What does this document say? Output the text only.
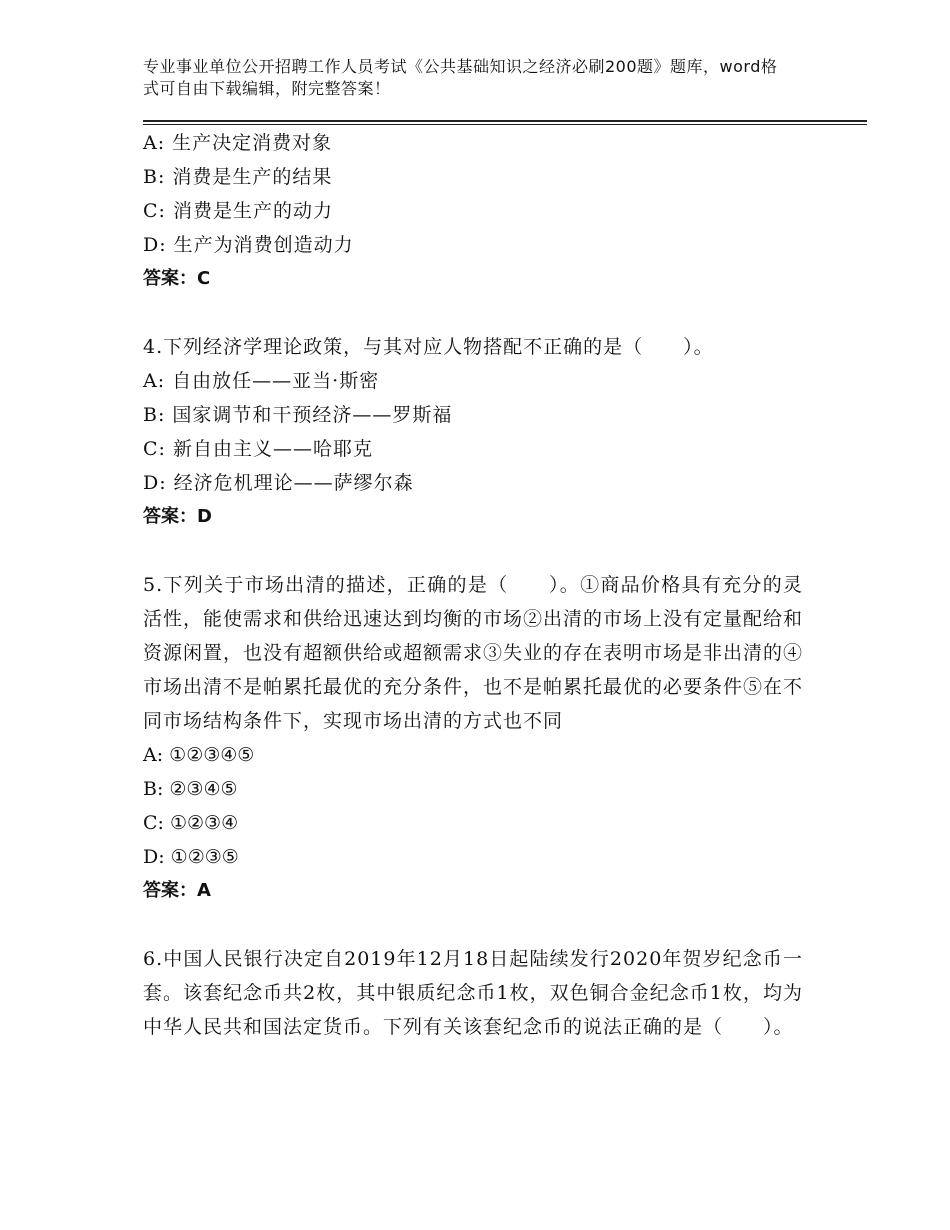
专业事业单位公开招聘工作人员考试《公共基础知识之经济必刷200题》题库，word格式可自由下载编辑，附完整答案！
A: 生产决定消费对象
B: 消费是生产的结果
C: 消费是生产的动力
D: 生产为消费创造动力
答案：C
4.下列经济学理论政策，与其对应人物搭配不正确的是（　　）。
A: 自由放任——亚当·斯密
B: 国家调节和干预经济——罗斯福
C: 新自由主义——哈耶克
D: 经济危机理论——萨缪尔森
答案：D
5.下列关于市场出清的描述，正确的是（　　）。①商品价格具有充分的灵活性，能使需求和供给迅速达到均衡的市场②出清的市场上没有定量配给和资源闲置，也没有超额供给或超额需求③失业的存在表明市场是非出清的④市场出清不是帕累托最优的充分条件，也不是帕累托最优的必要条件⑤在不同市场结构条件下，实现市场出清的方式也不同
A: ①②③④⑤
B: ②③④⑤
C: ①②③④
D: ①②③⑤
答案：A
6.中国人民银行决定自2019年12月18日起陆续发行2020年贺岁纪念币一套。该套纪念币共2枚，其中银质纪念币1枚，双色铜合金纪念币1枚，均为中华人民共和国法定货币。下列有关该套纪念币的说法正确的是（　　）。
